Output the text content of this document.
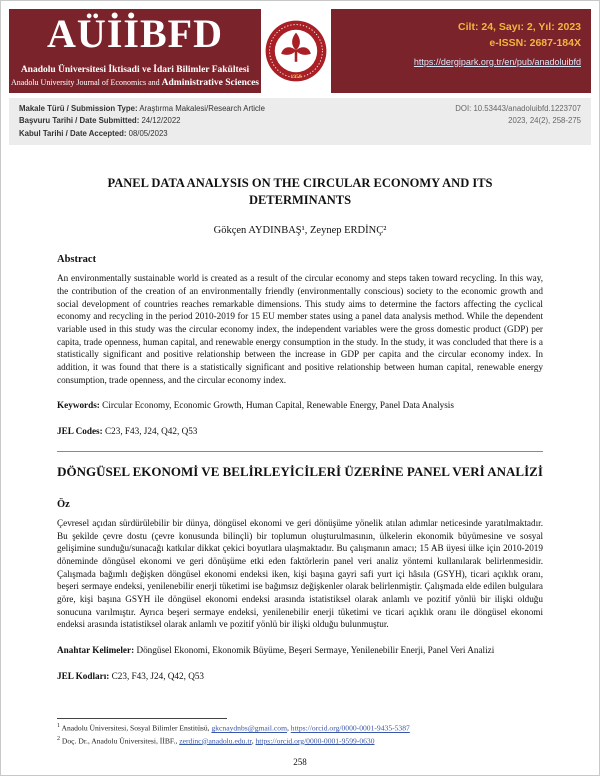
AÜİİBFD
Anadolu Üniversitesi İktisadi ve İdari Bilimler Fakültesi
Anadolu University Journal of Economics and Administrative Sciences
1958
Cilt: 24, Sayı: 2, Yıl: 2023
e-ISSN: 2687-184X
https://dergipark.org.tr/en/pub/anadoluibfd
Makale Türü / Submission Type: Araştırma Makalesi/Research Article
Başvuru Tarihi / Date Submitted: 24/12/2022
Kabul Tarihi / Date Accepted: 08/05/2023
DOI: 10.53443/anadoluibfd.1223707
2023, 24(2), 258-275
PANEL DATA ANALYSIS ON THE CIRCULAR ECONOMY AND ITS DETERMINANTS
Gökçen AYDINBAŞ¹, Zeynep ERDİNÇ²
Abstract
An environmentally sustainable world is created as a result of the circular economy and steps taken toward recycling. In this way, the contribution of the creation of an environmentally friendly (environmentally conscious) society to the economic growth and social development of countries reaches remarkable dimensions. This study aims to determine the factors affecting the cyclical economy and recycling in the period 2010-2019 for 15 EU member states using a panel data analysis method. While the dependent variable used in this study was the circular economy index, the independent variables were the gross domestic product (GDP) per capita, trade openness, human capital, and renewable energy consumption in the study. In the study, it was concluded that there is a statistically significant and positive relationship between the increase in GDP per capita and the circular economy index. In addition, it was found that there is a statistically significant and positive relationship between human capital, renewable energy consumption, trade openness, and the circular economy index.
Keywords: Circular Economy, Economic Growth, Human Capital, Renewable Energy, Panel Data Analysis
JEL Codes: C23, F43, J24, Q42, Q53
DÖNGÜSEL EKONOMİ VE BELİRLEYİCİLERİ ÜZERİNE PANEL VERİ ANALİZİ
Öz
Çevresel açıdan sürdürülebilir bir dünya, döngüsel ekonomi ve geri dönüşüme yönelik atılan adımlar neticesinde yaratılmaktadır. Bu şekilde çevre dostu (çevre konusunda bilinçli) bir toplumun oluşturulmasının, ülkelerin ekonomik büyümesine ve sosyal gelişimine sunduğu/sunacağı katkılar dikkat çekici boyutlara ulaşmaktadır. Bu çalışmanın amacı; 15 AB üyesi ülke için 2010-2019 döneminde döngüsel ekonomi ve geri dönüşüme etki eden faktörlerin panel veri analiz yöntemi kullanılarak belirlenmesidir. Çalışmada bağımlı değişken döngüsel ekonomi endeksi iken, kişi başına gayri safi yurt içi hâsıla (GSYH), ticari açıklık oranı, beşeri sermaye endeksi, yenilenebilir enerji tüketimi ise bağımsız değişkenler olarak belirlenmiştir. Çalışmada elde edilen bulgulara göre, kişi başına GSYH ile döngüsel ekonomi endeksi arasında istatistiksel olarak anlamlı ve pozitif yönlü bir ilişki olduğu sonucuna varılmıştır. Ayrıca beşeri sermaye endeksi, yenilenebilir enerji tüketimi ve ticari açıklık oranı ile döngüsel ekonomi endeksi arasında istatistiksel olarak anlamlı ve pozitif yönlü bir ilişki olduğu bulunmuştur.
Anahtar Kelimeler: Döngüsel Ekonomi, Ekonomik Büyüme, Beşeri Sermaye, Yenilenebilir Enerji, Panel Veri Analizi
JEL Kodları: C23, F43, J24, Q42, Q53
$^1$ Anadolu Üniversitesi, Sosyal Bilimler Enstitüsü, gkcnaydnbs@gmail.com, https://orcid.org/0000-0001-9435-5387
$^2$ Doç. Dr., Anadolu Üniversitesi, İİBF., zerdinc@anadolu.edu.tr, https://orcid.org/0000-0001-9599-0630
258
